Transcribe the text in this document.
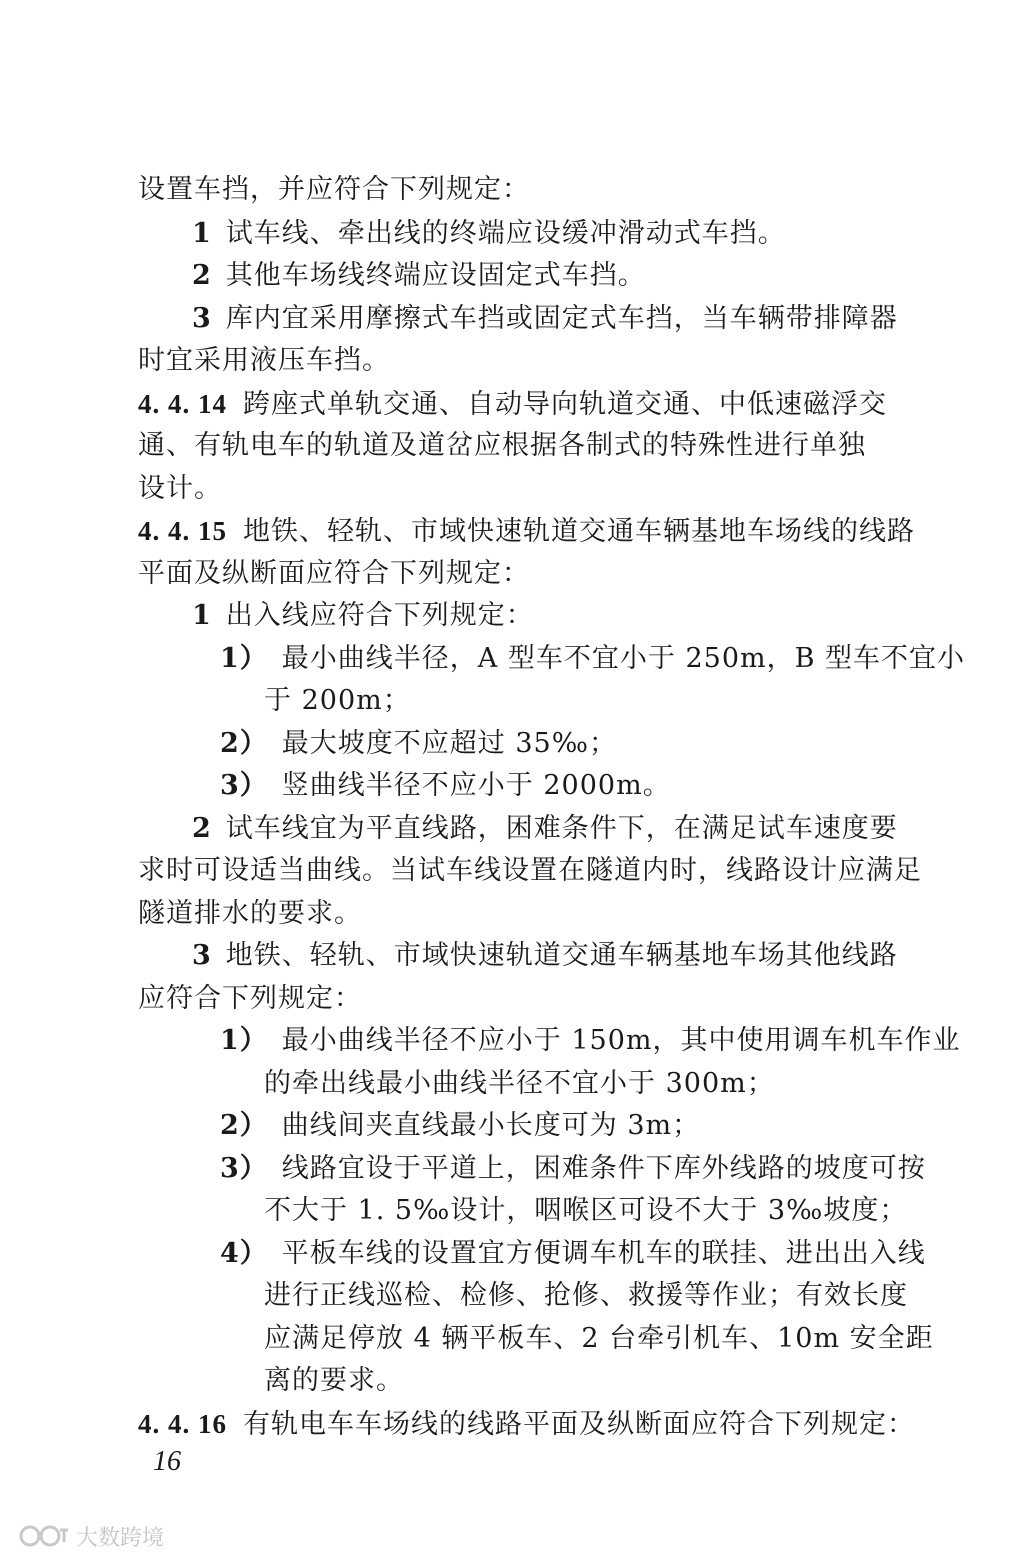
设置车挡，并应符合下列规定：
1 试车线、牵出线的终端应设缓冲滑动式车挡。
2 其他车场线终端应设固定式车挡。
3 库内宜采用摩擦式车挡或固定式车挡，当车辆带排障器
时宜采用液压车挡。
4. 4. 14 跨座式单轨交通、自动导向轨道交通、中低速磁浮交
通、有轨电车的轨道及道岔应根据各制式的特殊性进行单独
设计。
4. 4. 15 地铁、轻轨、市域快速轨道交通车辆基地车场线的线路
平面及纵断面应符合下列规定：
1 出入线应符合下列规定：
1） 最小曲线半径，A 型车不宜小于 250m，B 型车不宜小
于 200m；
2） 最大坡度不应超过 35‰；
3） 竖曲线半径不应小于 2000m。
2 试车线宜为平直线路，困难条件下，在满足试车速度要
求时可设适当曲线。当试车线设置在隧道内时，线路设计应满足
隧道排水的要求。
3 地铁、轻轨、市域快速轨道交通车辆基地车场其他线路
应符合下列规定：
1） 最小曲线半径不应小于 150m，其中使用调车机车作业
的牵出线最小曲线半径不宜小于 300m；
2） 曲线间夹直线最小长度可为 3m；
3） 线路宜设于平道上，困难条件下库外线路的坡度可按
不大于 1. 5‰设计，咽喉区可设不大于 3‰坡度；
4） 平板车线的设置宜方便调车机车的联挂、进出出入线
进行正线巡检、检修、抢修、救援等作业；有效长度
应满足停放 4 辆平板车、2 台牵引机车、10m 安全距
离的要求。
4. 4. 16 有轨电车车场线的线路平面及纵断面应符合下列规定：
16
大数跨境
